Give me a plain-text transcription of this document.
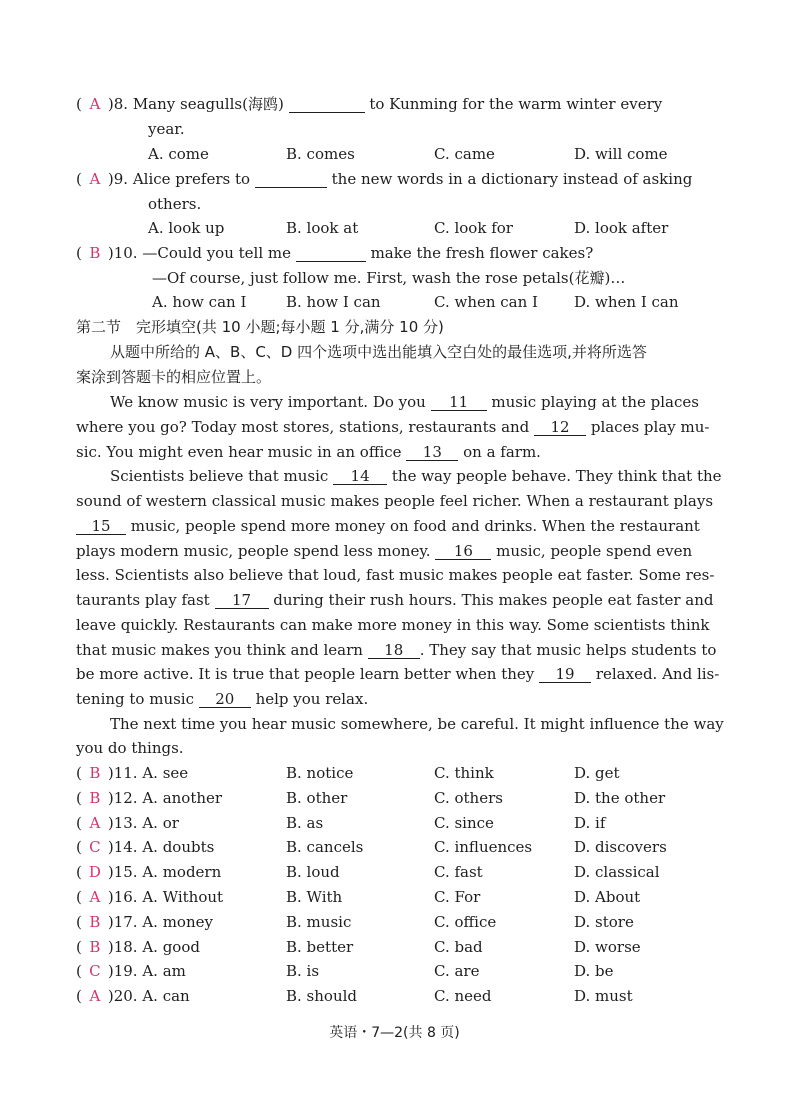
( A )8. Many seagulls(海鸥)	to Kunming for the warm winter every
year.
A. come	B. comes	C. came	D. will come
( A )9. Alice prefers to	the new words in a dictionary instead of asking
others.
A. look up	B. look at	C. look for	D. look after
( B )10. —Could you tell me	make the fresh flower cakes?
—Of course, just follow me. First, wash the rose petals(花瓣)…
A. how can I	B. how I can	C. when can I D. when I can
第二节　完形填空(共 10 小题;每小题 1 分,满分 10 分)
从题中所给的 A、B、C、D 四个选项中选出能填入空白处的最佳选项,并将所选答
案涂到答题卡的相应位置上。
We know music is very important. Do you 11 music playing at the places
where you go? Today most stores, stations, restaurants and 12 places play mu-
sic. You might even hear music in an office 13 on a farm.
Scientists believe that music 14 the way people behave. They think that the
sound of western classical music makes people feel richer. When a restaurant plays
15 music, people spend more money on food and drinks. When the restaurant
plays modern music, people spend less money. 16 music, people spend even
less. Scientists also believe that loud, fast music makes people eat faster. Some res-
taurants play fast 17 during their rush hours. This makes people eat faster and
leave quickly. Restaurants can make more money in this way. Some scientists think
that music makes you think and learn 18 . They say that music helps students to
be more active. It is true that people learn better when they 19 relaxed. And lis-
tening to music 20 help you relax.
The next time you hear music somewhere, be careful. It might influence the way
you do things.
( B )11. A. see	B. notice	C. think	D. get
( B )12. A. another	B. other	C. others	D. the other
( A )13. A. or	B. as	C. since	D. if
( C )14. A. doubts	B. cancels	C. influences	D. discovers
( D )15. A. modern	B. loud	C. fast	D. classical
( A )16. A. Without	B. With	C. For	D. About
( B )17. A. money	B. music	C. office	D. store
( B )18. A. good	B. better	C. bad	D. worse
( C )19. A. am	B. is	C. are	D. be
( A )20. A. can	B. should	C. need	D. must
英语・7—2(共 8 页)
